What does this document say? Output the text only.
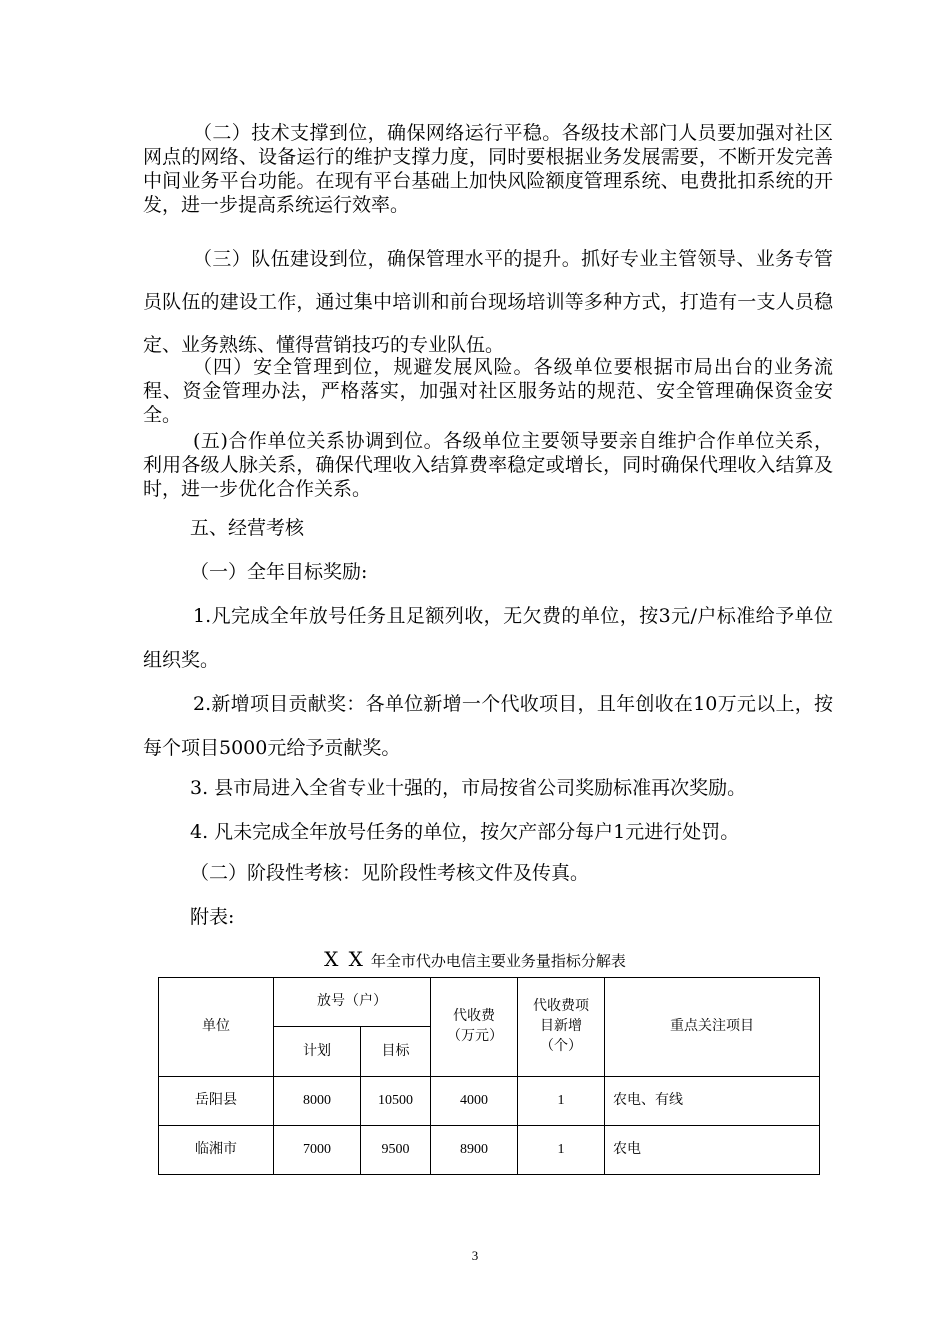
（二）技术支撑到位，确保网络运行平稳。各级技术部门人员要加强对社区网点的网络、设备运行的维护支撑力度，同时要根据业务发展需要，不断开发完善中间业务平台功能。在现有平台基础上加快风险额度管理系统、电费批扣系统的开发，进一步提高系统运行效率。

（三）队伍建设到位，确保管理水平的提升。抓好专业主管领导、业务专管员队伍的建设工作，通过集中培训和前台现场培训等多种方式，打造有一支人员稳定、业务熟练、懂得营销技巧的专业队伍。

（四）安全管理到位，规避发展风险。各级单位要根据市局出台的业务流程、资金管理办法，严格落实，加强对社区服务站的规范、安全管理确保资金安全。

(五)合作单位关系协调到位。各级单位主要领导要亲自维护合作单位关系，利用各级人脉关系，确保代理收入结算费率稳定或增长，同时确保代理收入结算及时，进一步优化合作关系。

五、经营考核

（一）全年目标奖励:

1.凡完成全年放号任务且足额列收，无欠费的单位，按3元/户标准给予单位组织奖。

2.新增项目贡献奖：各单位新增一个代收项目，且年创收在10万元以上，按每个项目5000元给予贡献奖。

3. 县市局进入全省专业十强的，市局按省公司奖励标准再次奖励。

4. 凡未完成全年放号任务的单位，按欠产部分每户1元进行处罚。

（二）阶段性考核：见阶段性考核文件及传真。

附表:

X X 年全市代办电信主要业务量指标分解表
单位	放号（户）		代收费（万元）	代收费项目新增（个）	重点关注项目
	计划	目标			
岳阳县	8000	10500	4000	1	农电、有线
临湘市	7000	9500	8900	1	农电
3
